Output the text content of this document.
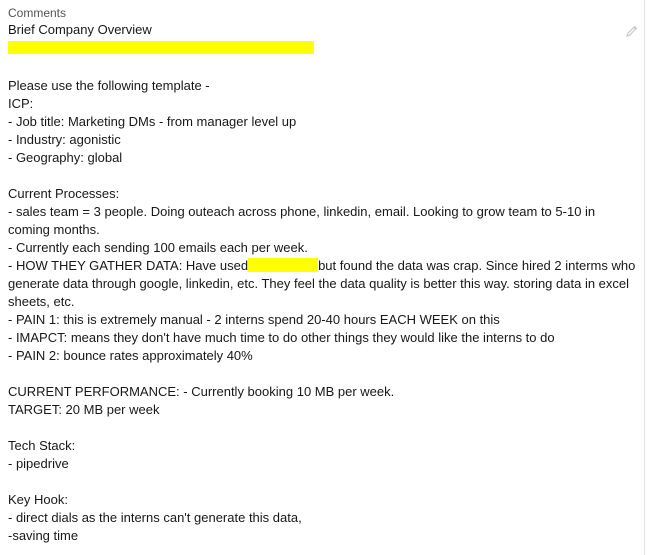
Comments
Brief Company Overview
Please use the following template -
ICP:
- Job title: Marketing DMs - from manager level up
- Industry: agonistic
- Geography: global
Current Processes:
- sales team = 3 people. Doing outeach across phone, linkedin, email. Looking to grow team to 5-10 in coming months.
- Currently each sending 100 emails each per week.
- HOW THEY GATHER DATA: Have used	but found the data was crap. Since hired 2 interms who generate data through google, linkedin, etc. They feel the data quality is better this way. storing data in excel sheets, etc.
- PAIN 1: this is extremely manual - 2 interns spend 20-40 hours EACH WEEK on this
- IMAPCT: means they don't have much time to do other things they would like the interns to do
- PAIN 2: bounce rates approximately 40%
CURRENT PERFORMANCE: - Currently booking 10 MB per week.
TARGET: 20 MB per week
Tech Stack:
- pipedrive
Key Hook:
- direct dials as the interns can't generate this data,
-saving time
